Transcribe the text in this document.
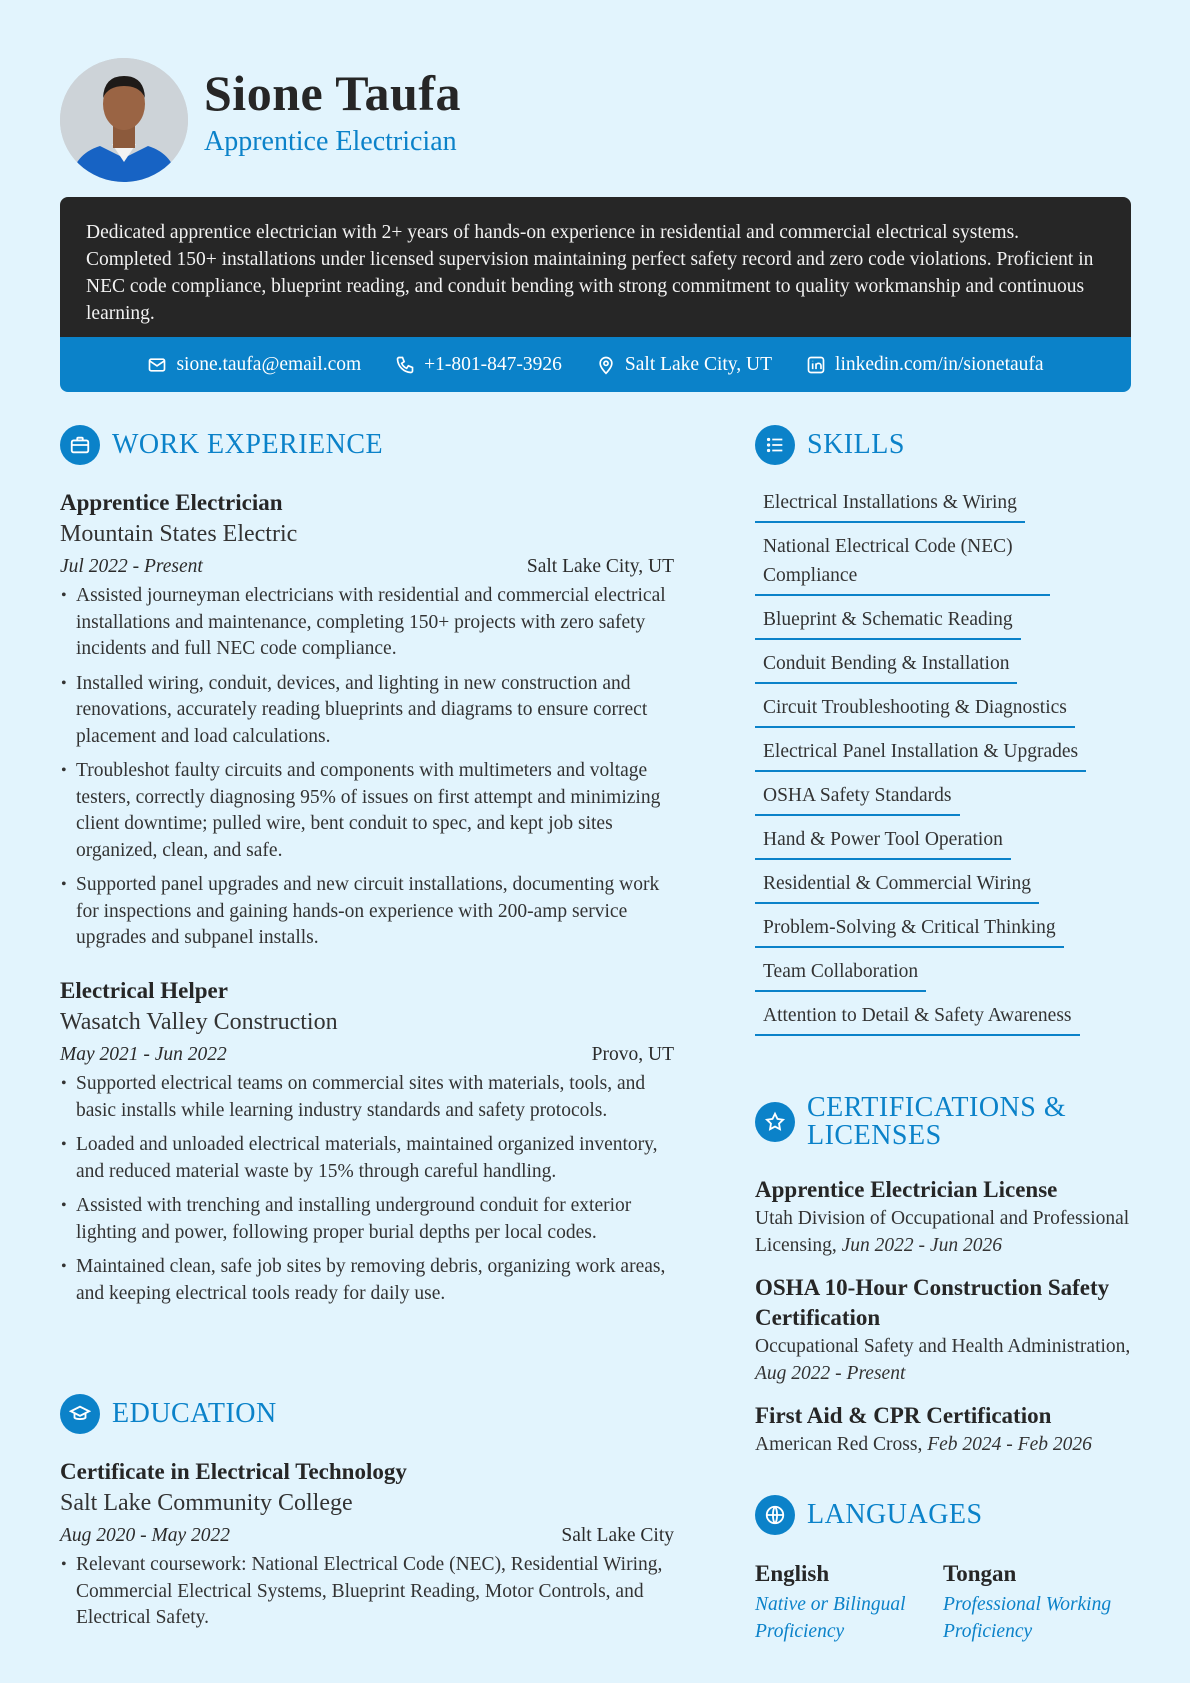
Sione Taufa
Apprentice Electrician

Dedicated apprentice electrician with 2+ years of hands-on experience in residential and commercial electrical systems. Completed 150+ installations under licensed supervision maintaining perfect safety record and zero code violations. Proficient in NEC code compliance, blueprint reading, and conduit bending with strong commitment to quality workmanship and continuous learning.

sione.taufa@email.com	+1-801-847-3926	Salt Lake City, UT	linkedin.com/in/sionetaufa
WORK EXPERIENCE
Apprentice Electrician
Mountain States Electric
Jul 2022 - Present	Salt Lake City, UT
• Assisted journeyman electricians with residential and commercial electrical installations and maintenance, completing 150+ projects with zero safety incidents and full NEC code compliance.
• Installed wiring, conduit, devices, and lighting in new construction and renovations, accurately reading blueprints and diagrams to ensure correct placement and load calculations.
• Troubleshot faulty circuits and components with multimeters and voltage testers, correctly diagnosing 95% of issues on first attempt and minimizing client downtime; pulled wire, bent conduit to spec, and kept job sites organized, clean, and safe.
• Supported panel upgrades and new circuit installations, documenting work for inspections and gaining hands-on experience with 200-amp service upgrades and subpanel installs.
Electrical Helper
Wasatch Valley Construction
May 2021 - Jun 2022	Provo, UT
• Supported electrical teams on commercial sites with materials, tools, and basic installs while learning industry standards and safety protocols.
• Loaded and unloaded electrical materials, maintained organized inventory, and reduced material waste by 15% through careful handling.
• Assisted with trenching and installing underground conduit for exterior lighting and power, following proper burial depths per local codes.
• Maintained clean, safe job sites by removing debris, organizing work areas, and keeping electrical tools ready for daily use.
EDUCATION
Certificate in Electrical Technology
Salt Lake Community College
Aug 2020 - May 2022	Salt Lake City
• Relevant coursework: National Electrical Code (NEC), Residential Wiring, Commercial Electrical Systems, Blueprint Reading, Motor Controls, and Electrical Safety.
SKILLS
Electrical Installations & Wiring
National Electrical Code (NEC) Compliance
Blueprint & Schematic Reading
Conduit Bending & Installation
Circuit Troubleshooting & Diagnostics
Electrical Panel Installation & Upgrades
OSHA Safety Standards
Hand & Power Tool Operation
Residential & Commercial Wiring
Problem-Solving & Critical Thinking
Team Collaboration
Attention to Detail & Safety Awareness
CERTIFICATIONS &
LICENSES
Apprentice Electrician License
Utah Division of Occupational and Professional Licensing, Jun 2022 - Jun 2026
OSHA 10-Hour Construction Safety Certification
Occupational Safety and Health Administration, Aug 2022 - Present
First Aid & CPR Certification
American Red Cross, Feb 2024 - Feb 2026
LANGUAGES
English
Native or Bilingual Proficiency
Tongan
Professional Working Proficiency
